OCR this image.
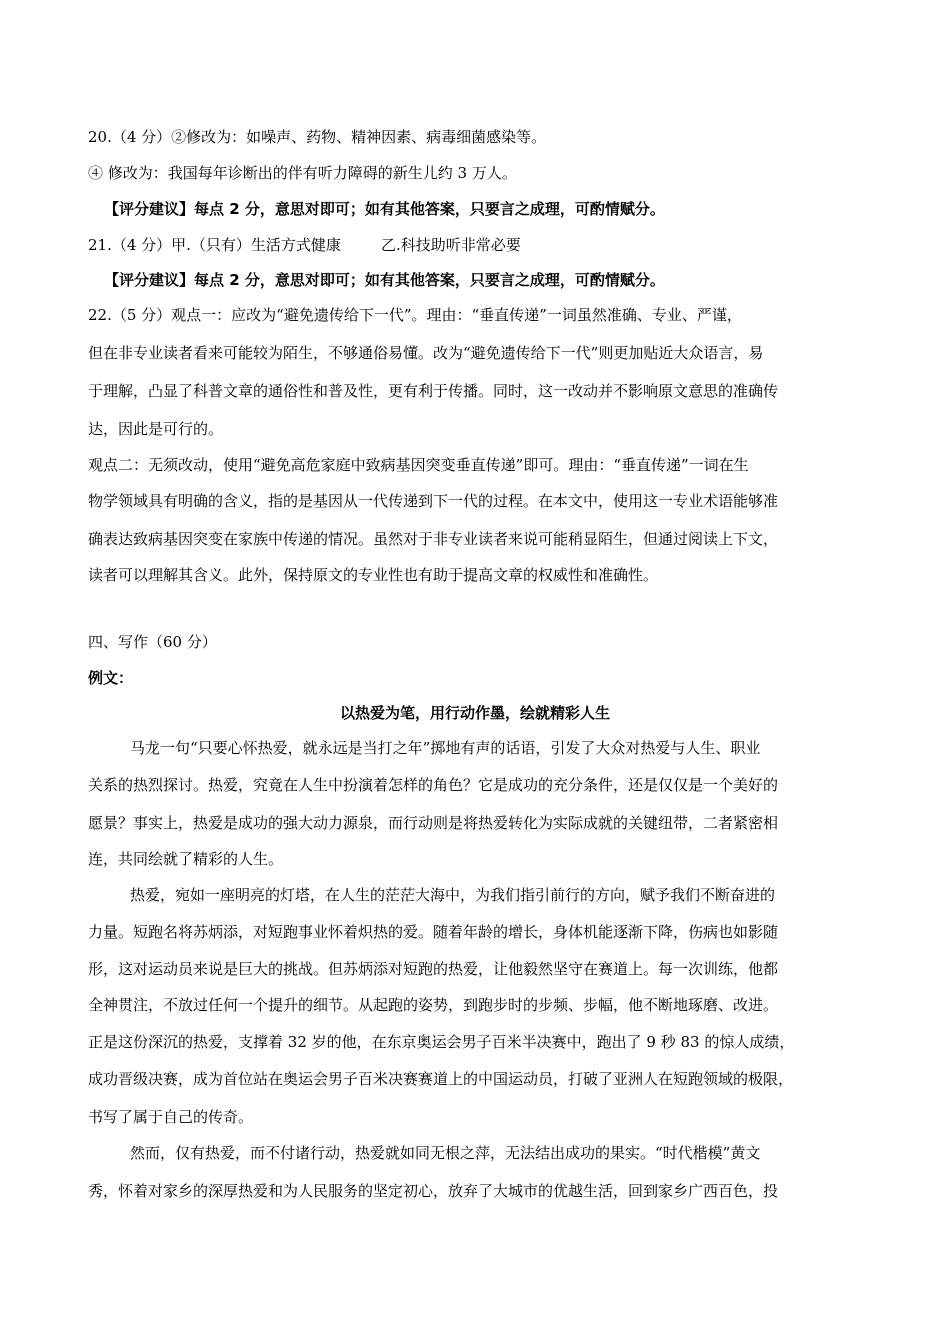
20.（4 分）②修改为：如噪声、药物、精神因素、病毒细菌感染等。
④ 修改为：我国每年诊断出的伴有听力障碍的新生儿约 3 万人。
【评分建议】每点 2 分，意思对即可；如有其他答案，只要言之成理，可酌情赋分。
21.（4 分）甲.（只有）生活方式健康	乙.科技助听非常必要
【评分建议】每点 2 分，意思对即可；如有其他答案，只要言之成理，可酌情赋分。
22.（5 分）观点一：应改为“避免遗传给下一代”。理由：“垂直传递”一词虽然准确、专业、严谨，
但在非专业读者看来可能较为陌生，不够通俗易懂。改为“避免遗传给下一代”则更加贴近大众语言，易
于理解，凸显了科普文章的通俗性和普及性，更有利于传播。同时，这一改动并不影响原文意思的准确传
达，因此是可行的。
观点二：无须改动，使用“避免高危家庭中致病基因突变垂直传递”即可。理由：“垂直传递”一词在生
物学领域具有明确的含义，指的是基因从一代传递到下一代的过程。在本文中，使用这一专业术语能够准
确表达致病基因突变在家族中传递的情况。虽然对于非专业读者来说可能稍显陌生，但通过阅读上下文，
读者可以理解其含义。此外，保持原文的专业性也有助于提高文章的权威性和准确性。
四、写作（60 分）
例文：
以热爱为笔，用行动作墨，绘就精彩人生
马龙一句“只要心怀热爱，就永远是当打之年”掷地有声的话语，引发了大众对热爱与人生、职业
关系的热烈探讨。热爱，究竟在人生中扮演着怎样的角色？它是成功的充分条件，还是仅仅是一个美好的
愿景？事实上，热爱是成功的强大动力源泉，而行动则是将热爱转化为实际成就的关键纽带，二者紧密相
连，共同绘就了精彩的人生。
热爱，宛如一座明亮的灯塔，在人生的茫茫大海中，为我们指引前行的方向，赋予我们不断奋进的
力量。短跑名将苏炳添，对短跑事业怀着炽热的爱。随着年龄的增长，身体机能逐渐下降，伤病也如影随
形，这对运动员来说是巨大的挑战。但苏炳添对短跑的热爱，让他毅然坚守在赛道上。每一次训练，他都
全神贯注，不放过任何一个提升的细节。从起跑的姿势，到跑步时的步频、步幅，他不断地琢磨、改进。
正是这份深沉的热爱，支撑着 32 岁的他，在东京奥运会男子百米半决赛中，跑出了 9 秒 83 的惊人成绩，
成功晋级决赛，成为首位站在奥运会男子百米决赛赛道上的中国运动员，打破了亚洲人在短跑领域的极限，
书写了属于自己的传奇。
然而，仅有热爱，而不付诸行动，热爱就如同无根之萍，无法结出成功的果实。“时代楷模”黄文
秀，怀着对家乡的深厚热爱和为人民服务的坚定初心，放弃了大城市的优越生活，回到家乡广西百色，投
